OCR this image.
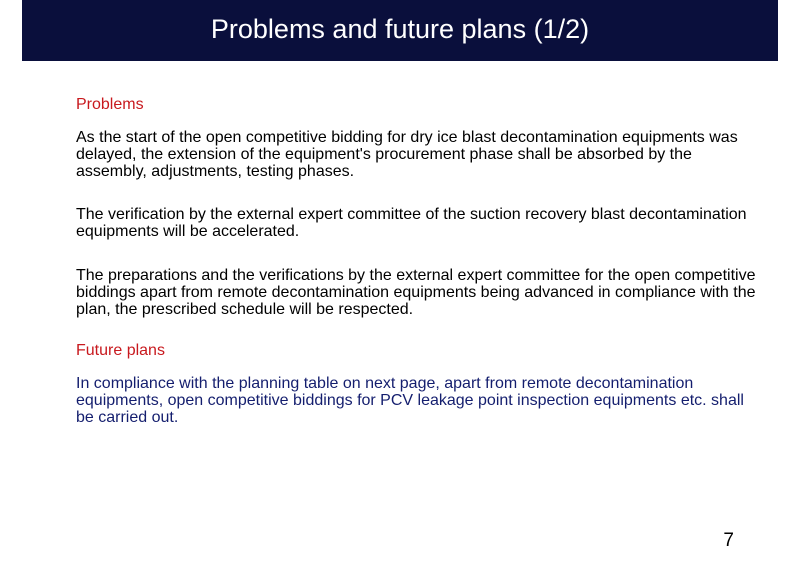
Problems and future plans (1/2)

Problems

As the start of the open competitive bidding for dry ice blast decontamination equipments was delayed, the extension of the equipment's procurement phase shall be absorbed by the assembly, adjustments, testing phases.

The verification by the external expert committee of the suction recovery blast decontamination equipments will be accelerated.

The preparations and the verifications by the external expert committee for the open competitive biddings apart from remote decontamination equipments being advanced in compliance with the plan, the prescribed schedule will be respected.

Future plans

In compliance with the planning table on next page, apart from remote decontamination equipments, open competitive biddings for PCV leakage point inspection equipments etc. shall be carried out.

7
